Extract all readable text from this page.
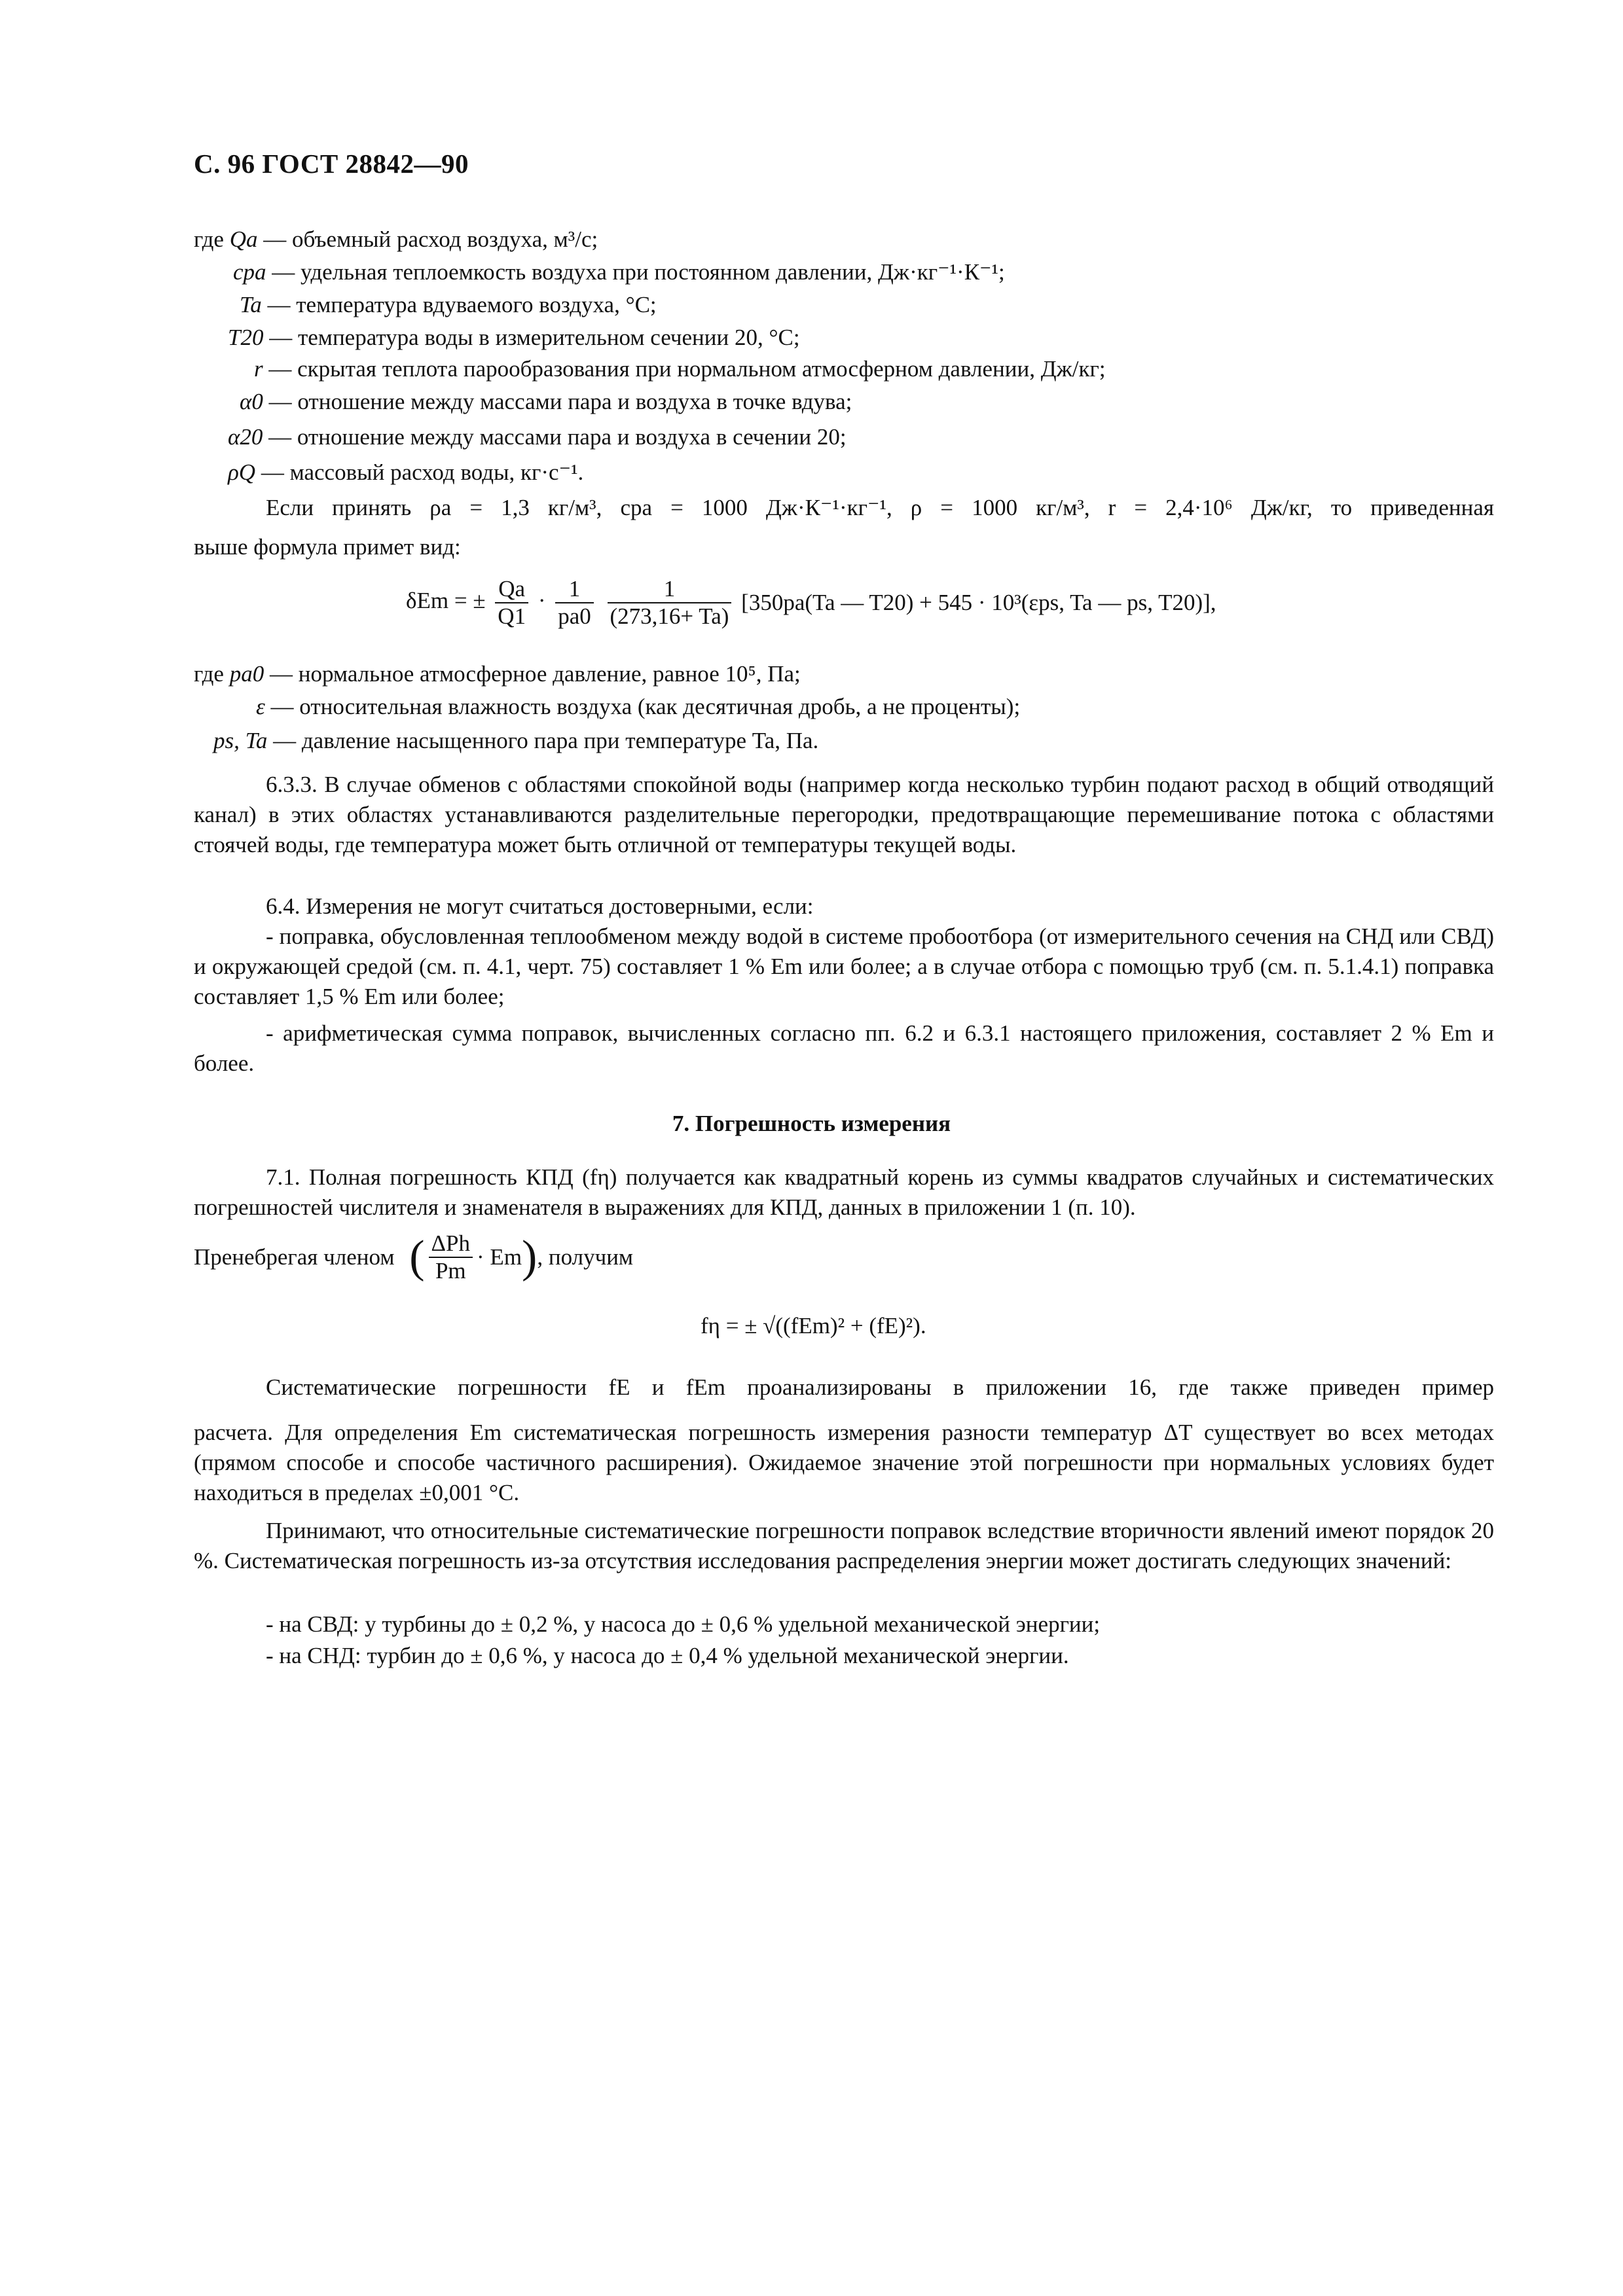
С. 96 ГОСТ 28842—90
где Qa — объемный расход воздуха, м³/с;
cpa — удельная теплоемкость воздуха при постоянном давлении, Дж·кг⁻¹·К⁻¹;
Ta — температура вдуваемого воздуха, °С;
T20 — температура воды в измерительном сечении 20, °С;
r — скрытая теплота парообразования при нормальном атмосферном давлении, Дж/кг;
α0 — отношение между массами пара и воздуха в точке вдува;
α20 — отношение между массами пара и воздуха в сечении 20;
ρQ — массовый расход воды, кг·с⁻¹.
Если принять ρa = 1,3 кг/м³, cpa = 1000 Дж·К⁻¹·кг⁻¹, ρ = 1000 кг/м³, r = 2,4·10⁶ Дж/кг, то приведенная
выше формула примет вид:
δEm = ± $\frac{Qa}{Q1} \cdot \frac{1}{pa0}$
$\frac{1}{(273,16+ Ta)} [350pa(Ta$ — T20) + 545 · 10³(εps, Ta — ps, T20)],
где pa0 — нормальное атмосферное давление, равное 10⁵, Па;
ε — относительная влажность воздуха (как десятичная дробь, а не проценты);
ps, Ta — давление насыщенного пара при температуре Ta, Па.
6.3.3. В случае обменов с областями спокойной воды (например когда несколько турбин подают расход в общий отводящий канал) в этих областях устанавливаются разделительные перегородки, предотвращающие перемешивание потока с областями стоячей воды, где температура может быть отличной от температуры текущей воды.
6.4. Измерения не могут считаться достоверными, если:
- поправка, обусловленная теплообменом между водой в системе пробоотбора (от измерительного сечения на СНД или СВД) и окружающей средой (см. п. 4.1, черт. 75) составляет 1 % Em или более; а в случае отбора с помощью труб (см. п. 5.1.4.1) поправка составляет 1,5 % Em или более;
- арифметическая сумма поправок, вычисленных согласно пп. 6.2 и 6.3.1 настоящего приложения, составляет 2 % Em и более.
7. Погрешность измерения
7.1. Полная погрешность КПД (fη) получается как квадратный корень из суммы квадратов случайных и систематических погрешностей числителя и знаменателя в выражениях для КПД, данных в приложении 1 (п. 10).
Пренебрегая членом ( $\frac{\text{ΔPh}}{Pm} \cdot Em$), получим
fη = ± √((fEm)² + (fE)²).
Систематические погрешности fE и fEm проанализированы в приложении 16, где также приведен пример
расчета. Для определения Em систематическая погрешность измерения разности температур ΔT существует во всех методах (прямом способе и способе частичного расширения). Ожидаемое значение этой погрешности при нормальных условиях будет находиться в пределах ±0,001 °С.
Принимают, что относительные систематические погрешности поправок вследствие вторичности явлений имеют порядок 20 %. Систематическая погрешность из-за отсутствия исследования распределения энергии может достигать следующих значений:
- на СВД: у турбины до ± 0,2 %, у насоса до ± 0,6 % удельной механической энергии;
- на СНД: турбин до ± 0,6 %, у насоса до ± 0,4 % удельной механической энергии.
